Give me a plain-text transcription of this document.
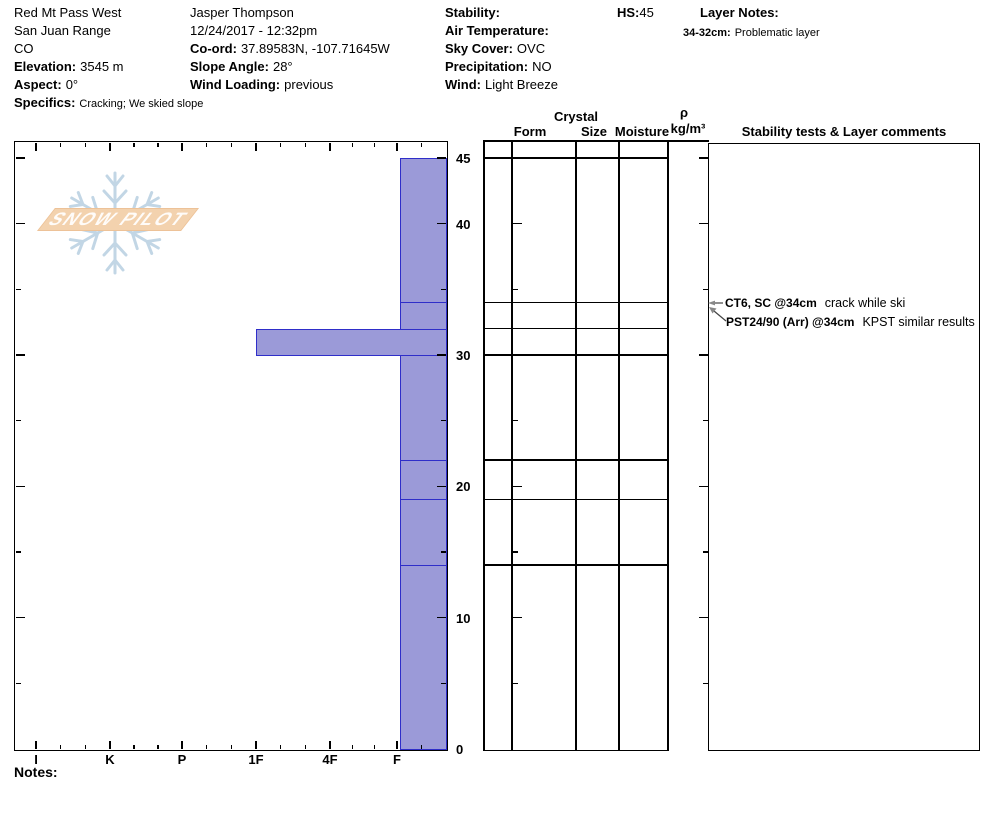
Red Mt Pass West
San Juan Range
CO
Elevation: 3545 m
Aspect: 0°
Specifics: Cracking; We skied slope
Jasper Thompson
12/24/2017 - 12:32pm
Co-ord: 37.89583N, -107.71645W
Slope Angle: 28°
Wind Loading: previous
Stability:
Air Temperature:
Sky Cover: OVC
Precipitation: NO
Wind: Light Breeze
HS:45	Layer Notes:
34-32cm: Problematic layer
SNOW PILOT
Crystal
Form	Size Moisture
ρ
kg/m³	Stability tests & Layer comments
CT6, SC @34cm crack while ski
PST24/90 (Arr) @34cm KPST similar results
Notes:
45
40
30
20
10
0
I	K	P	1F	4F	F
